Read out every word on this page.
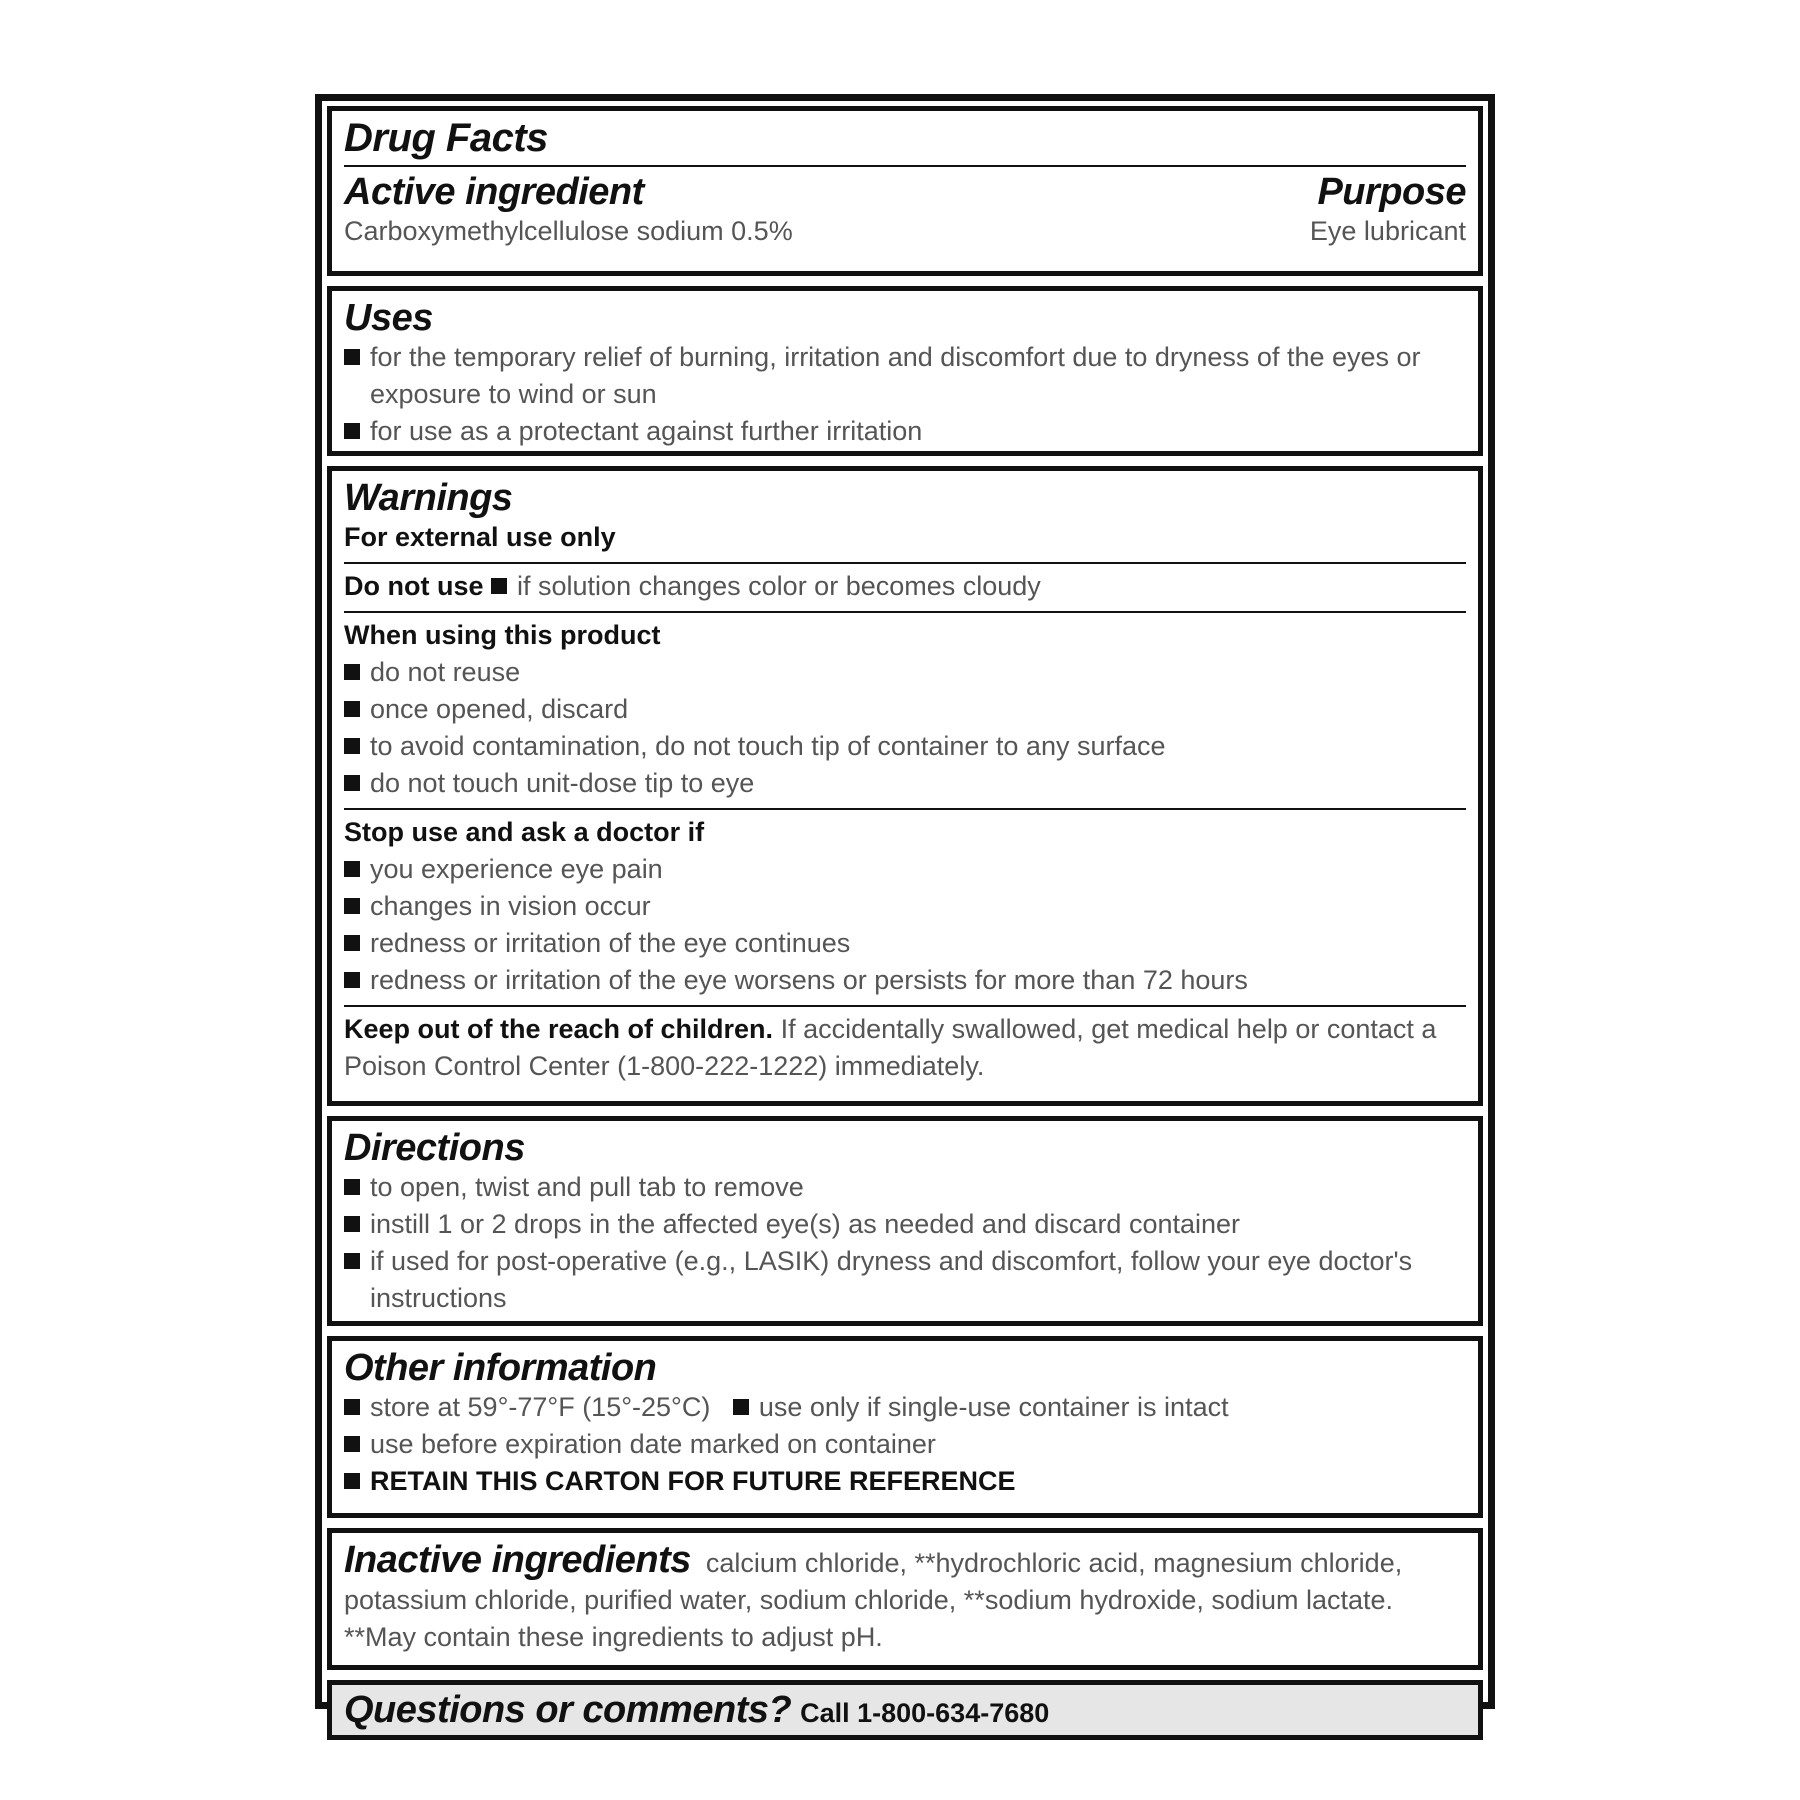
Drug Facts
Active ingredient	Purpose
Carboxymethylcellulose sodium 0.5%	Eye lubricant
Uses
for the temporary relief of burning, irritation and discomfort due to dryness of the eyes or exposure to wind or sun
for use as a protectant against further irritation
Warnings
For external use only
Do not use if solution changes color or becomes cloudy
When using this product
do not reuse
once opened, discard
to avoid contamination, do not touch tip of container to any surface
do not touch unit-dose tip to eye
Stop use and ask a doctor if
you experience eye pain
changes in vision occur
redness or irritation of the eye continues
redness or irritation of the eye worsens or persists for more than 72 hours
Keep out of the reach of children. If accidentally swallowed, get medical help or contact a Poison Control Center (1-800-222-1222) immediately.
Directions
to open, twist and pull tab to remove
instill 1 or 2 drops in the affected eye(s) as needed and discard container
if used for post-operative (e.g., LASIK) dryness and discomfort, follow your eye doctor's instructions
Other information
store at 59°-77°F (15°-25°C) use only if single-use container is intact
use before expiration date marked on container
RETAIN THIS CARTON FOR FUTURE REFERENCE
Inactive ingredients calcium chloride, **hydrochloric acid, magnesium chloride, potassium chloride, purified water, sodium chloride, **sodium hydroxide, sodium lactate. **May contain these ingredients to adjust pH.
Questions or comments? Call 1-800-634-7680
